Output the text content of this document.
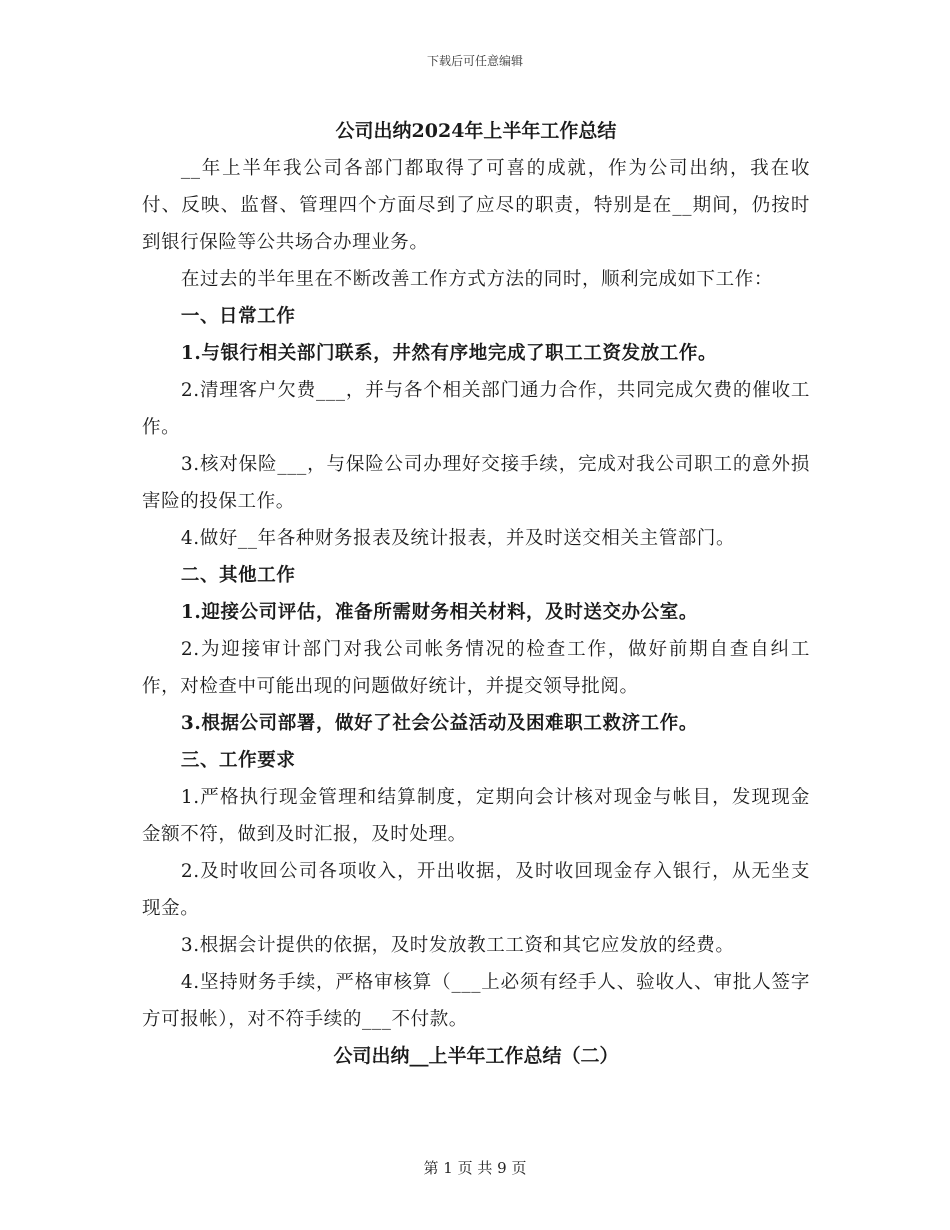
下载后可任意编辑
公司出纳2024年上半年工作总结

__年上半年我公司各部门都取得了可喜的成就，作为公司出纳，我在收付、反映、监督、管理四个方面尽到了应尽的职责，特别是在__期间，仍按时到银行保险等公共场合办理业务。

在过去的半年里在不断改善工作方式方法的同时，顺利完成如下工作：

一、日常工作

1.与银行相关部门联系，井然有序地完成了职工工资发放工作。

2.清理客户欠费___，并与各个相关部门通力合作，共同完成欠费的催收工作。

3.核对保险___，与保险公司办理好交接手续，完成对我公司职工的意外损害险的投保工作。

4.做好__年各种财务报表及统计报表，并及时送交相关主管部门。

二、其他工作

1.迎接公司评估，准备所需财务相关材料，及时送交办公室。

2.为迎接审计部门对我公司帐务情况的检查工作，做好前期自查自纠工作，对检查中可能出现的问题做好统计，并提交领导批阅。

3.根据公司部署，做好了社会公益活动及困难职工救济工作。

三、工作要求

1.严格执行现金管理和结算制度，定期向会计核对现金与帐目，发现现金金额不符，做到及时汇报，及时处理。

2.及时收回公司各项收入，开出收据，及时收回现金存入银行，从无坐支现金。

3.根据会计提供的依据，及时发放教工工资和其它应发放的经费。

4.坚持财务手续，严格审核算（___上必须有经手人、验收人、审批人签字方可报帐），对不符手续的___不付款。

公司出纳__上半年工作总结（二）
第 1 页 共 9 页
